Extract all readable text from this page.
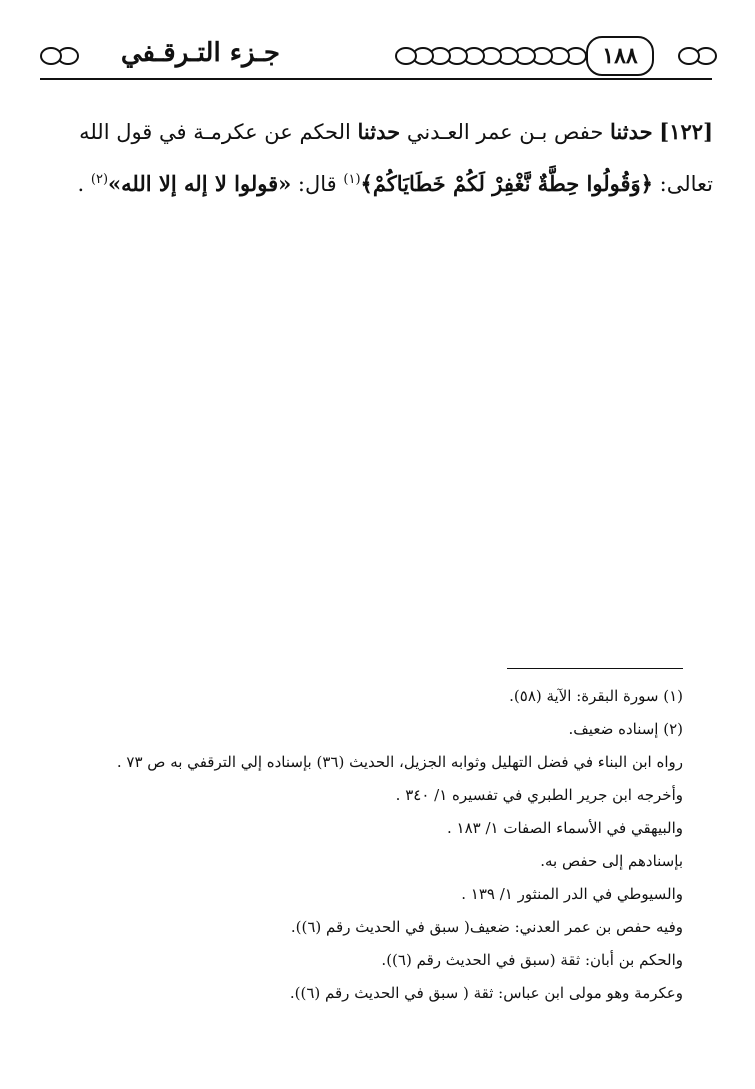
١٨٨
جـزء التـرقـفي
[١٢٢] حدثنا حفص بـن عمر العـدني حدثنا الحكم عن عكرمـة في قول الله
تعالى: ﴿وَقُولُوا حِطَّةٌ نَّغْفِرْ لَكُمْ خَطَايَاكُمْ﴾$^{(١)}$ قال: «قولوا لا إله إلا الله»$^{(٢)}$ .
(١) سورة البقرة: الآية (٥٨).
(٢) إسناده ضعيف.
رواه ابن البناء في فضل التهليل وثوابه الجزيل، الحديث (٣٦) بإسناده إلي الترقفي به ص ٧٣ .
وأخرجه ابن جرير الطبري في تفسيره ١/ ٣٤٠ .
والبيهقي في الأسماء الصفات ١/ ١٨٣ .
بإسنادهم إلى حفص به.
والسيوطي في الدر المنثور ١/ ١٣٩ .
وفيه حفص بن عمر العدني: ضعيف( سبق في الحديث رقم (٦)).
والحكم بن أبان: ثقة (سبق في الحديث رقم (٦)).
وعكرمة وهو مولى ابن عباس: ثقة ( سبق في الحديث رقم (٦)).
